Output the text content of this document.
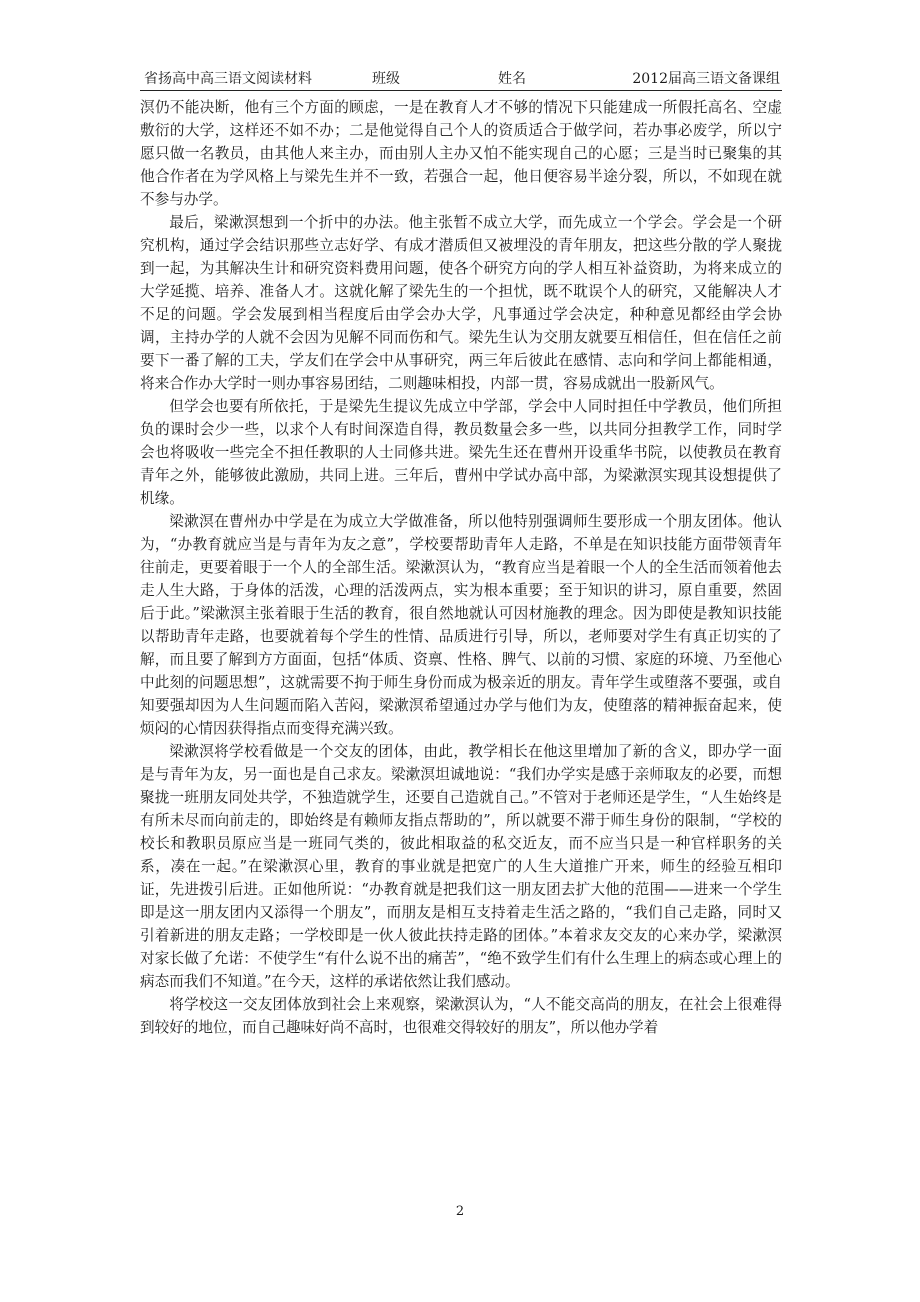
省扬高中高三语文阅读材料	班级	姓名	2012届高三语文备课组

溟仍不能决断，他有三个方面的顾虑，一是在教育人才不够的情况下只能建成一所假托高名、空虚敷衍的大学，这样还不如不办；二是他觉得自己个人的资质适合于做学问，若办事必废学，所以宁愿只做一名教员，由其他人来主办，而由别人主办又怕不能实现自己的心愿；三是当时已聚集的其他合作者在为学风格上与梁先生并不一致，若强合一起，他日便容易半途分裂，所以，不如现在就不参与办学。

最后，梁漱溟想到一个折中的办法。他主张暂不成立大学，而先成立一个学会。学会是一个研究机构，通过学会结识那些立志好学、有成才潜质但又被埋没的青年朋友，把这些分散的学人聚拢到一起，为其解决生计和研究资料费用问题，使各个研究方向的学人相互补益资助，为将来成立的大学延揽、培养、准备人才。这就化解了梁先生的一个担忧，既不耽误个人的研究，又能解决人才不足的问题。学会发展到相当程度后由学会办大学，凡事通过学会决定，种种意见都经由学会协调，主持办学的人就不会因为见解不同而伤和气。梁先生认为交朋友就要互相信任，但在信任之前要下一番了解的工夫，学友们在学会中从事研究，两三年后彼此在感情、志向和学问上都能相通，将来合作办大学时一则办事容易团结，二则趣味相投，内部一贯，容易成就出一股新风气。

但学会也要有所依托，于是梁先生提议先成立中学部，学会中人同时担任中学教员，他们所担负的课时会少一些，以求个人有时间深造自得，教员数量会多一些，以共同分担教学工作，同时学会也将吸收一些完全不担任教职的人士同修共进。梁先生还在曹州开设重华书院，以使教员在教育青年之外，能够彼此激励，共同上进。三年后，曹州中学试办高中部，为梁漱溟实现其设想提供了机缘。

梁漱溟在曹州办中学是在为成立大学做准备，所以他特别强调师生要形成一个朋友团体。他认为，“办教育就应当是与青年为友之意”，学校要帮助青年人走路，不单是在知识技能方面带领青年往前走，更要着眼于一个人的全部生活。梁漱溟认为，“教育应当是着眼一个人的全生活而领着他去走人生大路，于身体的活泼，心理的活泼两点，实为根本重要；至于知识的讲习，原自重要，然固后于此。”梁漱溟主张着眼于生活的教育，很自然地就认可因材施教的理念。因为即使是教知识技能以帮助青年走路，也要就着每个学生的性情、品质进行引导，所以，老师要对学生有真正切实的了解，而且要了解到方方面面，包括“体质、资禀、性格、脾气、以前的习惯、家庭的环境、乃至他心中此刻的问题思想”，这就需要不拘于师生身份而成为极亲近的朋友。青年学生或堕落不要强，或自知要强却因为人生问题而陷入苦闷，梁漱溟希望通过办学与他们为友，使堕落的精神振奋起来，使烦闷的心情因获得指点而变得充满兴致。

梁漱溟将学校看做是一个交友的团体，由此，教学相长在他这里增加了新的含义，即办学一面是与青年为友，另一面也是自己求友。梁漱溟坦诚地说：“我们办学实是感于亲师取友的必要，而想聚拢一班朋友同处共学，不独造就学生，还要自己造就自己。”不管对于老师还是学生，“人生始终是有所未尽而向前走的，即始终是有赖师友指点帮助的”，所以就要不滞于师生身份的限制，“学校的校长和教职员原应当是一班同气类的，彼此相取益的私交近友，而不应当只是一种官样职务的关系，凑在一起。”在梁漱溟心里，教育的事业就是把宽广的人生大道推广开来，师生的经验互相印证，先进拨引后进。正如他所说：“办教育就是把我们这一朋友团去扩大他的范围——进来一个学生即是这一朋友团内又添得一个朋友”，而朋友是相互支持着走生活之路的，“我们自己走路，同时又引着新进的朋友走路；一学校即是一伙人彼此扶持走路的团体。”本着求友交友的心来办学，梁漱溟对家长做了允诺：不使学生“有什么说不出的痛苦”，“绝不致学生们有什么生理上的病态或心理上的病态而我们不知道。”在今天，这样的承诺依然让我们感动。

将学校这一交友团体放到社会上来观察，梁漱溟认为，“人不能交高尚的朋友，在社会上很难得到较好的地位，而自己趣味好尚不高时，也很难交得较好的朋友”，所以他办学着

2
